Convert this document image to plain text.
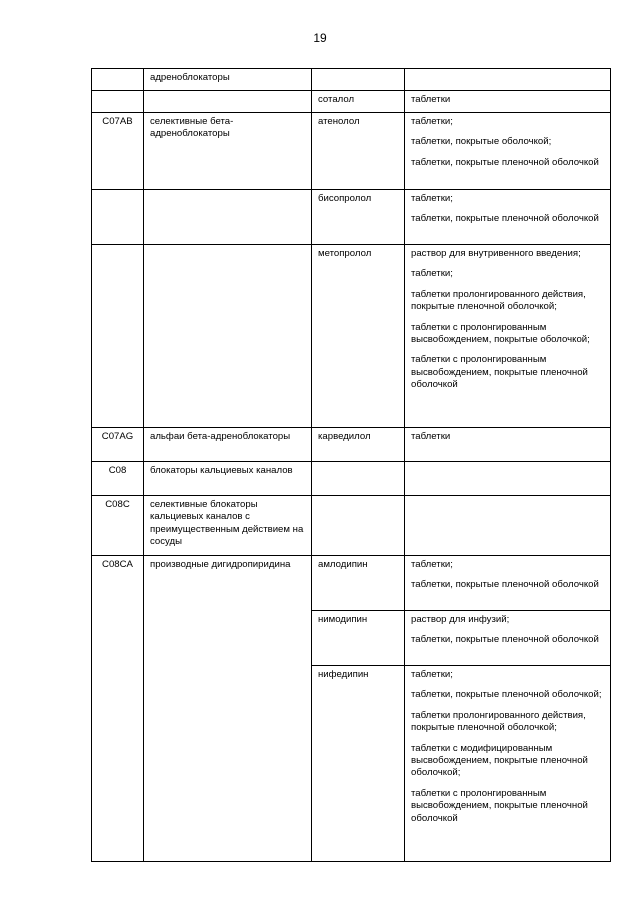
19
	адреноблокаторы		
		соталол	таблетки

C07AB	селективные бета-адреноблокаторы	атенолол	таблетки;

таблетки, покрытые оболочкой;

таблетки, покрытые пленочной оболочкой

		бисопролол	таблетки;

таблетки, покрытые пленочной оболочкой

		метопролол	раствор для внутривенного введения;

таблетки;

таблетки пролонгированного действия, покрытые пленочной оболочкой;

таблетки с пролонгированным высвобождением, покрытые оболочкой;

таблетки с пролонгированным высвобождением, покрытые пленочной оболочкой

C07AG	альфаи бета-адреноблокаторы	карведилол	таблетки

C08	блокаторы кальциевых каналов		
C08C	селективные блокаторы кальциевых каналов с преимущественным действием на сосуды		
C08CA	производные дигидропиридина	амлодипин	таблетки;

таблетки, покрытые пленочной оболочкой

		нимодипин	раствор для инфузий;

таблетки, покрытые пленочной оболочкой

		нифедипин	таблетки;

таблетки, покрытые пленочной оболочкой;

таблетки пролонгированного действия, покрытые пленочной оболочкой;

таблетки с модифицированным высвобождением, покрытые пленочной оболочкой;

таблетки с пролонгированным высвобождением, покрытые пленочной оболочкой
